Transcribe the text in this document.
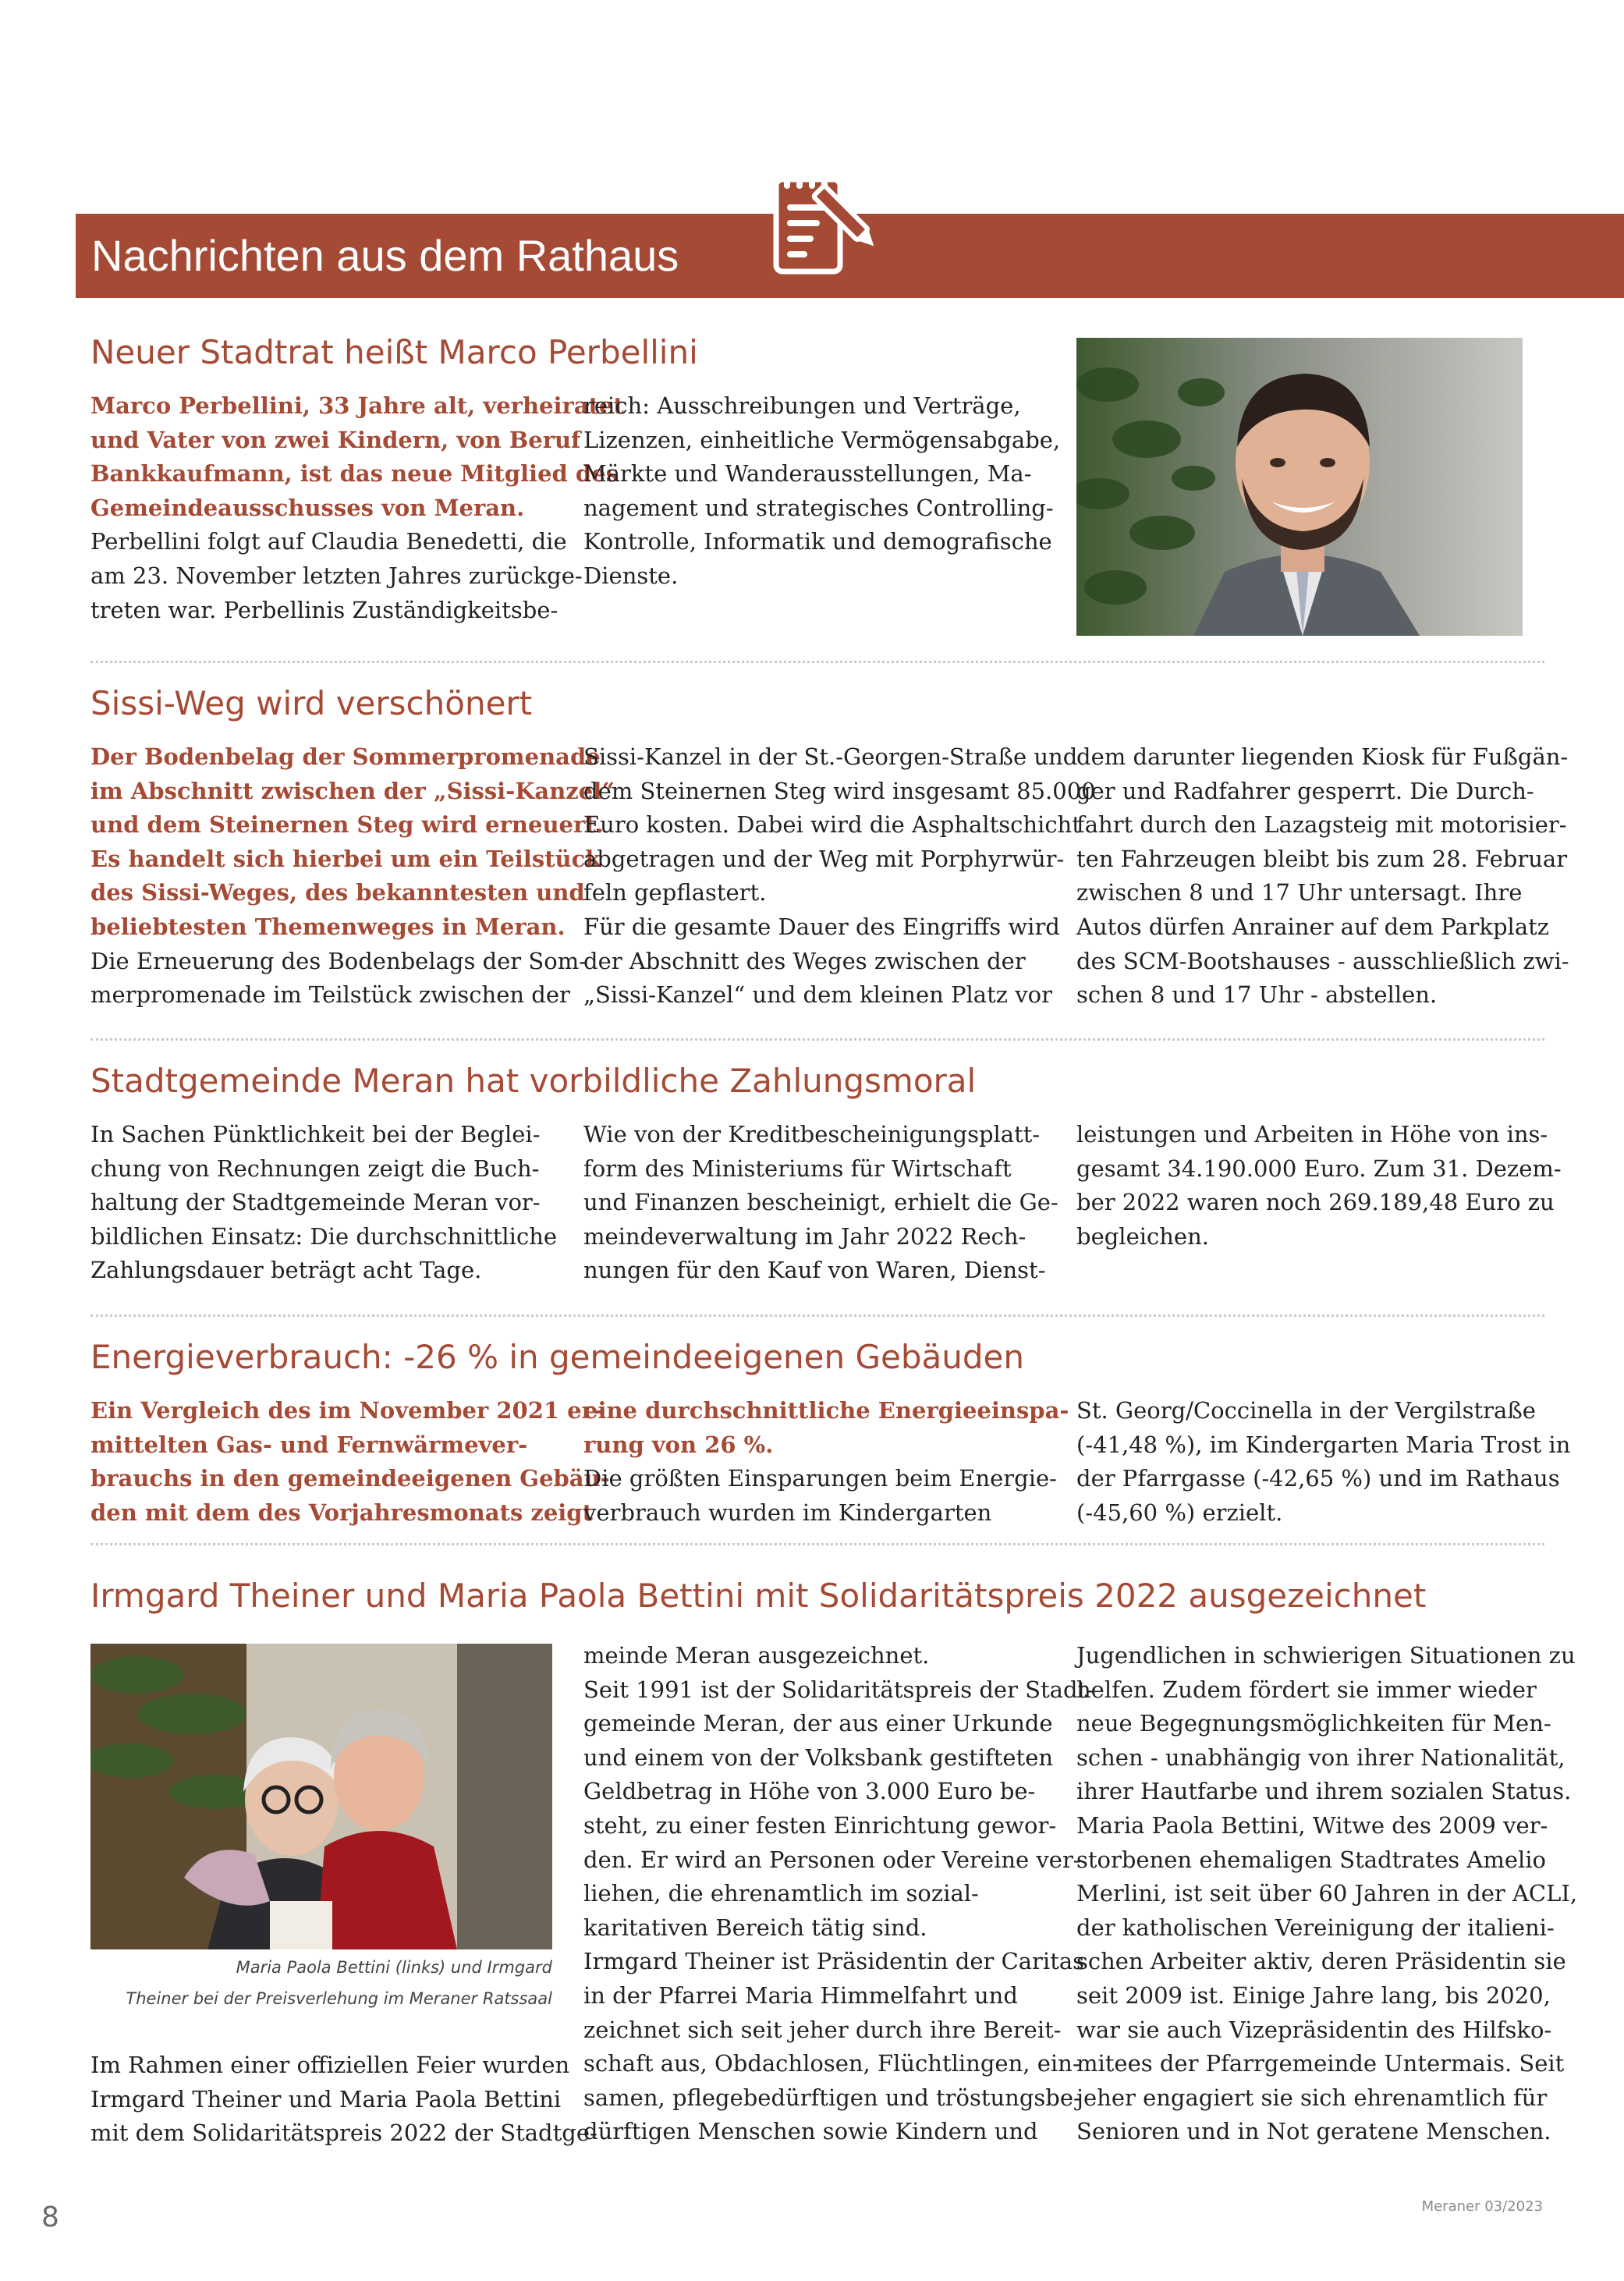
Nachrichten aus dem Rathaus
Neuer Stadtrat heißt Marco Perbellini
Marco Perbellini, 33 Jahre alt, verheiratet
und Vater von zwei Kindern, von Beruf
Bankkaufmann, ist das neue Mitglied des
Gemeindeausschusses von Meran.
Perbellini folgt auf Claudia Benedetti, die
am 23. November letzten Jahres zurückge-
treten war. Perbellinis Zuständigkeitsbe-
reich: Ausschreibungen und Verträge,
Lizenzen, einheitliche Vermögensabgabe,
Märkte und Wanderausstellungen, Ma-
nagement und strategisches Controlling-
Kontrolle, Informatik und demografische
Dienste.
Sissi-Weg wird verschönert
Der Bodenbelag der Sommerpromenade
im Abschnitt zwischen der „Sissi-Kanzel“
und dem Steinernen Steg wird erneuert.
Es handelt sich hierbei um ein Teilstück
des Sissi-Weges, des bekanntesten und
beliebtesten Themenweges in Meran.
Die Erneuerung des Bodenbelags der Som-
merpromenade im Teilstück zwischen der
Sissi-Kanzel in der St.-Georgen-Straße und
dem Steinernen Steg wird insgesamt 85.000
Euro kosten. Dabei wird die Asphaltschicht
abgetragen und der Weg mit Porphyrwür-
feln gepflastert.
Für die gesamte Dauer des Eingriffs wird
der Abschnitt des Weges zwischen der
„Sissi-Kanzel“ und dem kleinen Platz vor
dem darunter liegenden Kiosk für Fußgän-
ger und Radfahrer gesperrt. Die Durch-
fahrt durch den Lazagsteig mit motorisier-
ten Fahrzeugen bleibt bis zum 28. Februar
zwischen 8 und 17 Uhr untersagt. Ihre
Autos dürfen Anrainer auf dem Parkplatz
des SCM-Bootshauses - ausschließlich zwi-
schen 8 und 17 Uhr - abstellen.
Stadtgemeinde Meran hat vorbildliche Zahlungsmoral
In Sachen Pünktlichkeit bei der Beglei-
chung von Rechnungen zeigt die Buch-
haltung der Stadtgemeinde Meran vor-
bildlichen Einsatz: Die durchschnittliche
Zahlungsdauer beträgt acht Tage.
Wie von der Kreditbescheinigungsplatt-
form des Ministeriums für Wirtschaft
und Finanzen bescheinigt, erhielt die Ge-
meindeverwaltung im Jahr 2022 Rech-
nungen für den Kauf von Waren, Dienst-
leistungen und Arbeiten in Höhe von ins-
gesamt 34.190.000 Euro. Zum 31. Dezem-
ber 2022 waren noch 269.189,48 Euro zu
begleichen.
Energieverbrauch: -26 % in gemeindeeigenen Gebäuden
Ein Vergleich des im November 2021 er-
mittelten Gas- und Fernwärmever-
brauchs in den gemeindeeigenen Gebäu-
den mit dem des Vorjahresmonats zeigt
eine durchschnittliche Energieeinspa-
rung von 26 %.
Die größten Einsparungen beim Energie-
verbrauch wurden im Kindergarten
St. Georg/Coccinella in der Vergilstraße
(-41,48 %), im Kindergarten Maria Trost in
der Pfarrgasse (-42,65 %) und im Rathaus
(-45,60 %) erzielt.
Irmgard Theiner und Maria Paola Bettini mit Solidaritätspreis 2022 ausgezeichnet
Maria Paola Bettini (links) und Irmgard
Theiner bei der Preisverlehung im Meraner Ratssaal
Im Rahmen einer offiziellen Feier wurden
Irmgard Theiner und Maria Paola Bettini
mit dem Solidaritätspreis 2022 der Stadtge-
meinde Meran ausgezeichnet.
Seit 1991 ist der Solidaritätspreis der Stadt-
gemeinde Meran, der aus einer Urkunde
und einem von der Volksbank gestifteten
Geldbetrag in Höhe von 3.000 Euro be-
steht, zu einer festen Einrichtung gewor-
den. Er wird an Personen oder Vereine ver-
liehen, die ehrenamtlich im sozial-
karitativen Bereich tätig sind.
Irmgard Theiner ist Präsidentin der Caritas
in der Pfarrei Maria Himmelfahrt und
zeichnet sich seit jeher durch ihre Bereit-
schaft aus, Obdachlosen, Flüchtlingen, ein-
samen, pflegebedürftigen und tröstungsbe-
dürftigen Menschen sowie Kindern und
Jugendlichen in schwierigen Situationen zu
helfen. Zudem fördert sie immer wieder
neue Begegnungsmöglichkeiten für Men-
schen - unabhängig von ihrer Nationalität,
ihrer Hautfarbe und ihrem sozialen Status.
Maria Paola Bettini, Witwe des 2009 ver-
storbenen ehemaligen Stadtrates Amelio
Merlini, ist seit über 60 Jahren in der ACLI,
der katholischen Vereinigung der italieni-
schen Arbeiter aktiv, deren Präsidentin sie
seit 2009 ist. Einige Jahre lang, bis 2020,
war sie auch Vizepräsidentin des Hilfsko-
mitees der Pfarrgemeinde Untermais. Seit
jeher engagiert sie sich ehrenamtlich für
Senioren und in Not geratene Menschen.
8	Meraner 03/2023
